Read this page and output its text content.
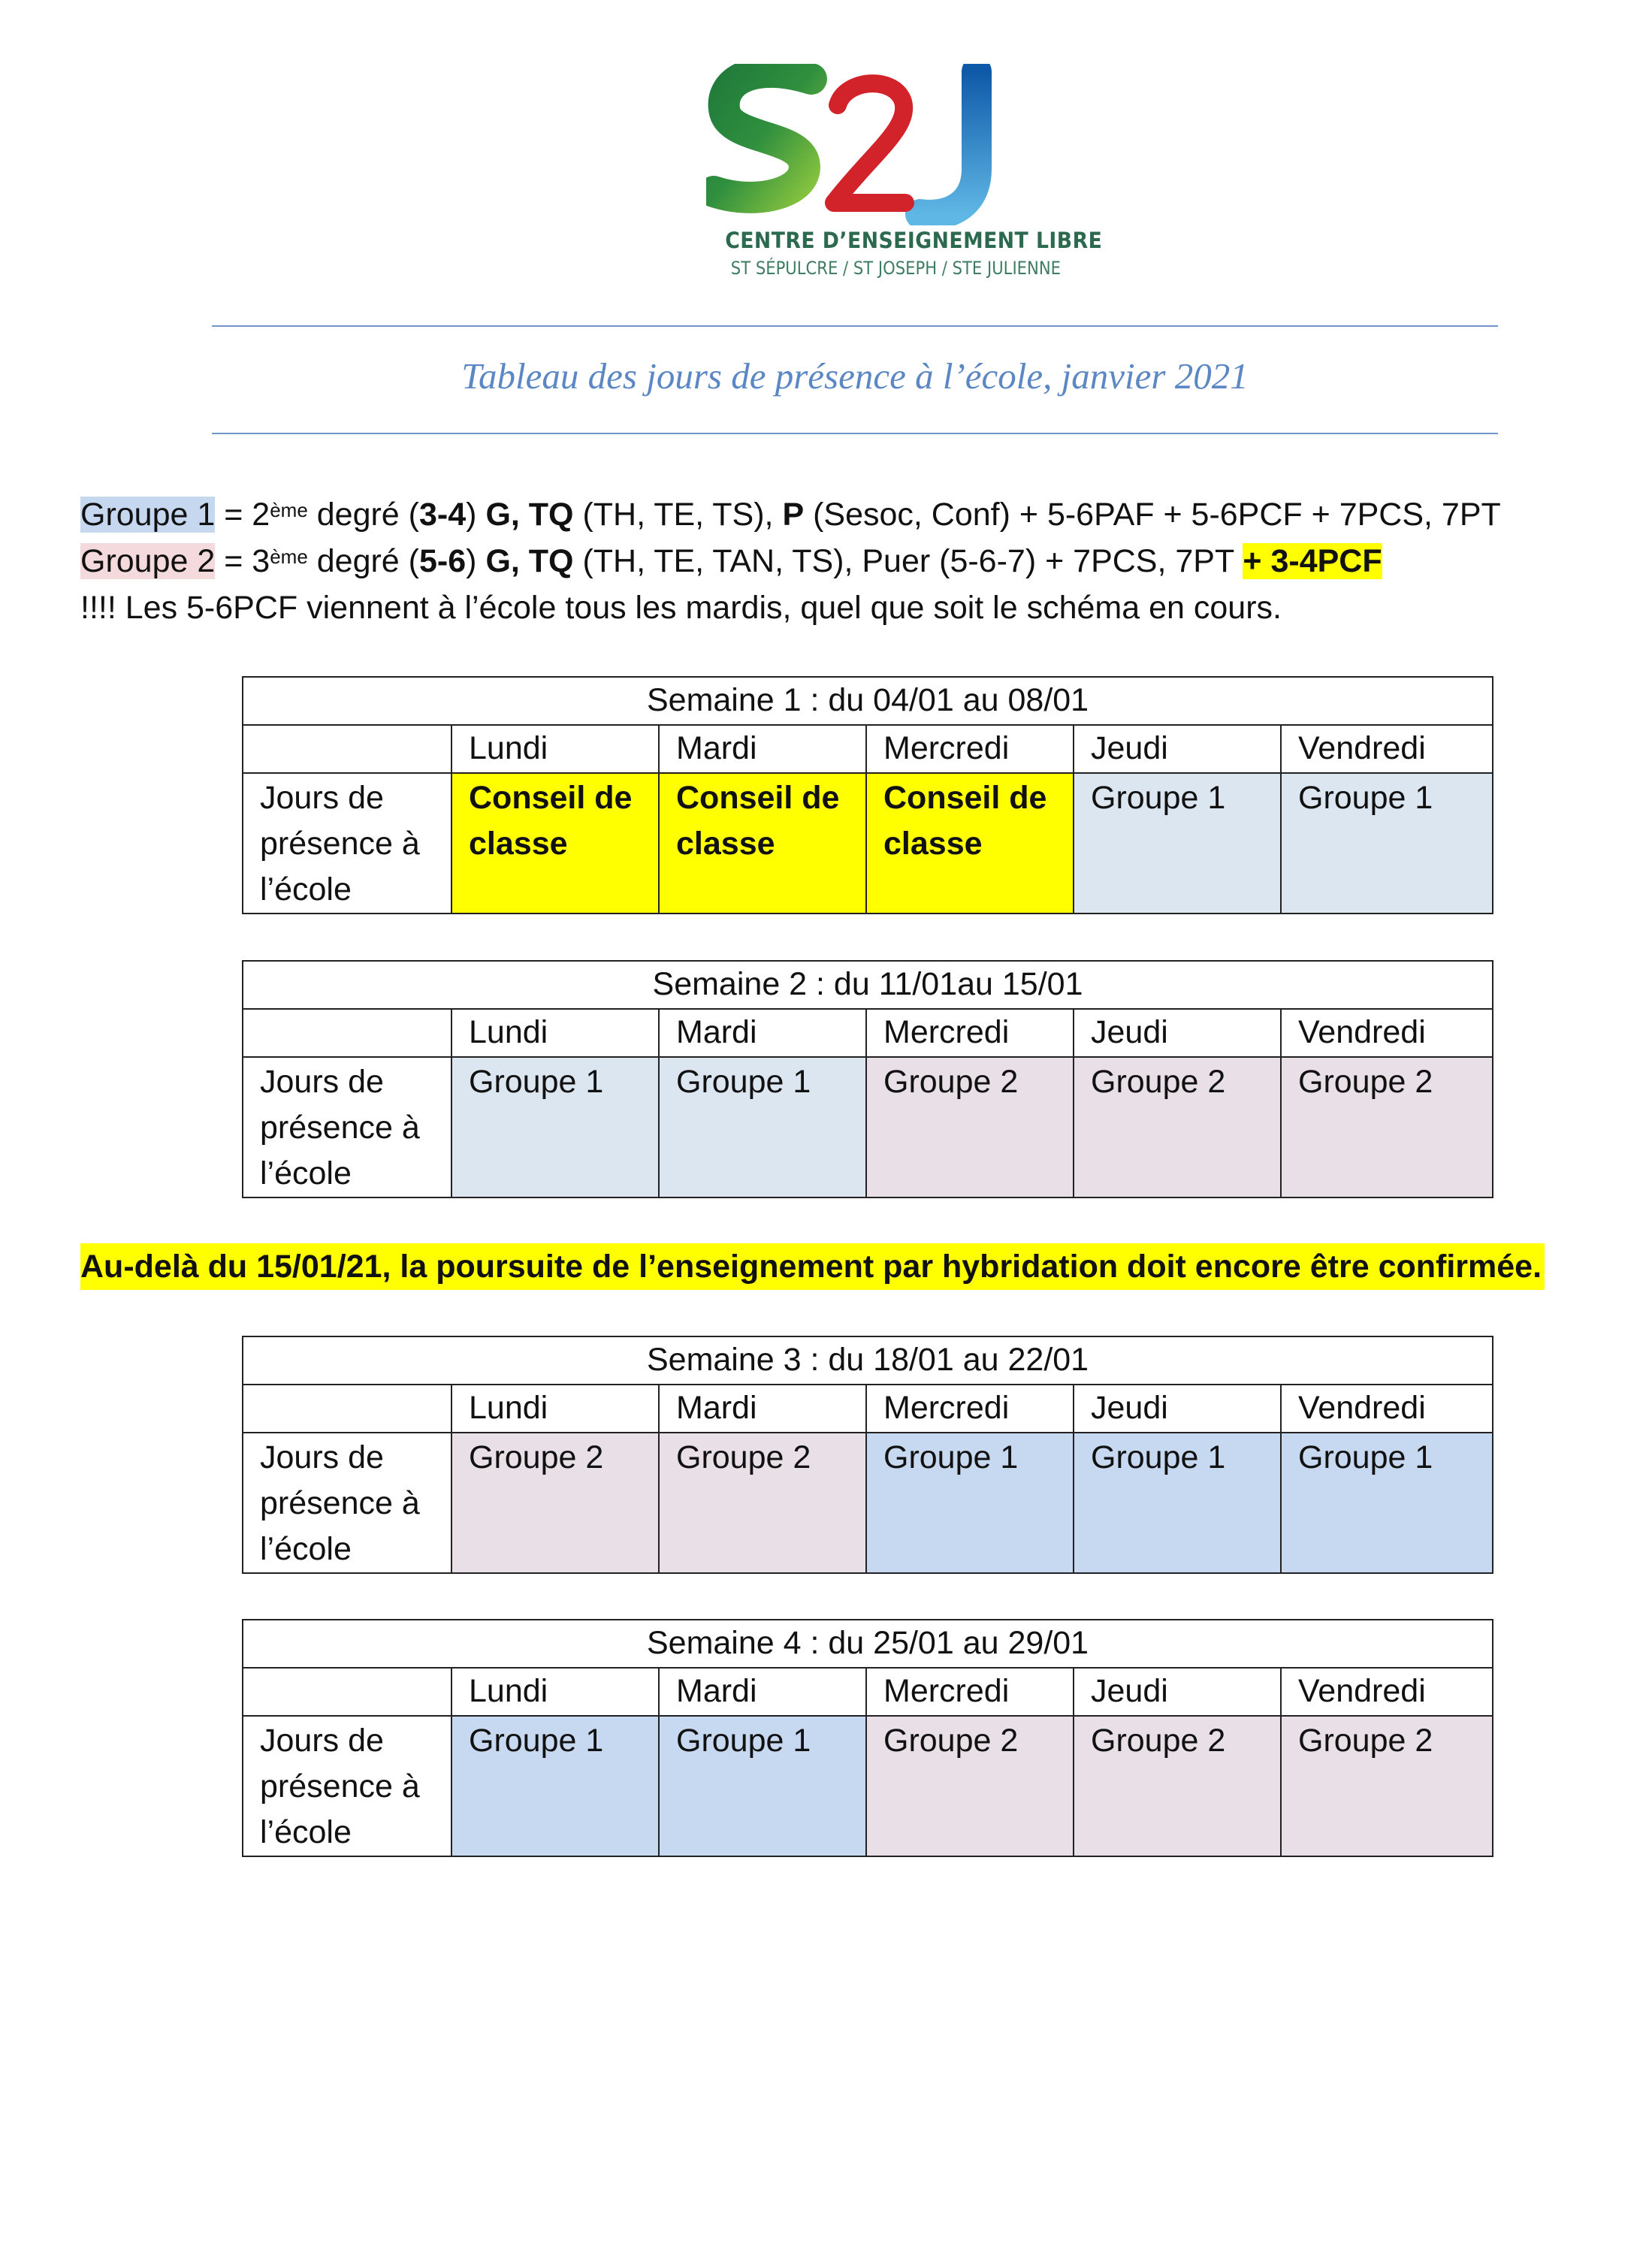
CENTRE D’ENSEIGNEMENT LIBRE
ST SÉPULCRE / ST JOSEPH / STE JULIENNE
Tableau des jours de présence à l’école, janvier 2021
Groupe 1 = 2ème degré (3-4) G, TQ (TH, TE, TS), P (Sesoc, Conf) + 5-6PAF + 5-6PCF + 7PCS, 7PT
Groupe 2 = 3ème degré (5-6) G, TQ (TH, TE, TAN, TS), Puer (5-6-7) + 7PCS, 7PT + 3-4PCF
!!!! Les 5-6PCF viennent à l’école tous les mardis, quel que soit le schéma en cours.
Semaine 1 : du 04/01 au 08/01					
	Lundi	Mardi	Mercredi	Jeudi	Vendredi
Jours de présence à l’école	Conseil de classe	Conseil de classe	Conseil de classe	Groupe 1	Groupe 1
Semaine 2 : du 11/01au 15/01					
	Lundi	Mardi	Mercredi	Jeudi	Vendredi
Jours de présence à l’école	Groupe 1	Groupe 1	Groupe 2	Groupe 2	Groupe 2
Au-delà du 15/01/21, la poursuite de l’enseignement par hybridation doit encore être confirmée.
Semaine 3 : du 18/01 au 22/01					
	Lundi	Mardi	Mercredi	Jeudi	Vendredi
Jours de présence à l’école	Groupe 2	Groupe 2	Groupe 1	Groupe 1	Groupe 1
Semaine 4 : du 25/01 au 29/01					
	Lundi	Mardi	Mercredi	Jeudi	Vendredi
Jours de présence à l’école	Groupe 1	Groupe 1	Groupe 2	Groupe 2	Groupe 2
